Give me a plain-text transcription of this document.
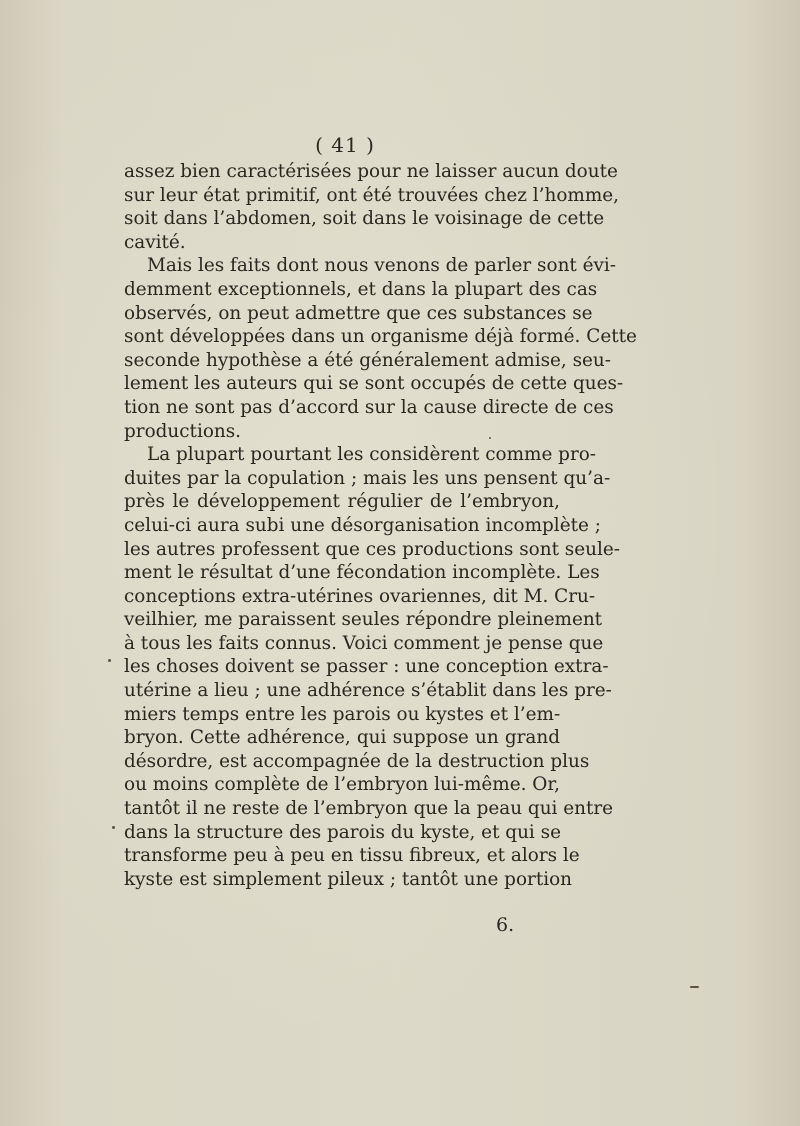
( 41 )
assez bien caractérisées pour ne laisser aucun doute
sur leur état primitif, ont été trouvées chez l’homme,
soit dans l’abdomen, soit dans le voisinage de cette
cavité.
Mais les faits dont nous venons de parler sont évi-
demment exceptionnels, et dans la plupart des cas
observés, on peut admettre que ces substances se
sont développées dans un organisme déjà formé. Cette
seconde hypothèse a été généralement admise, seu-
lement les auteurs qui se sont occupés de cette ques-
tion ne sont pas d’accord sur la cause directe de ces
productions.
La plupart pourtant les considèrent comme pro-
duites par la copulation ; mais les uns pensent qu’a-
près le développement régulier de l’embryon,
celui-ci aura subi une désorganisation incomplète ;
les autres professent que ces productions sont seule-
ment le résultat d’une fécondation incomplète. Les
conceptions extra-utérines ovariennes, dit M. Cru-
veilhier, me paraissent seules répondre pleinement
à tous les faits connus. Voici comment je pense que
les choses doivent se passer : une conception extra-
utérine a lieu ; une adhérence s’établit dans les pre-
miers temps entre les parois ou kystes et l’em-
bryon. Cette adhérence, qui suppose un grand
désordre, est accompagnée de la destruction plus
ou moins complète de l’embryon lui-même. Or,
tantôt il ne reste de l’embryon que la peau qui entre
dans la structure des parois du kyste, et qui se
transforme peu à peu en tissu fibreux, et alors le
kyste est simplement pileux ; tantôt une portion
6.
